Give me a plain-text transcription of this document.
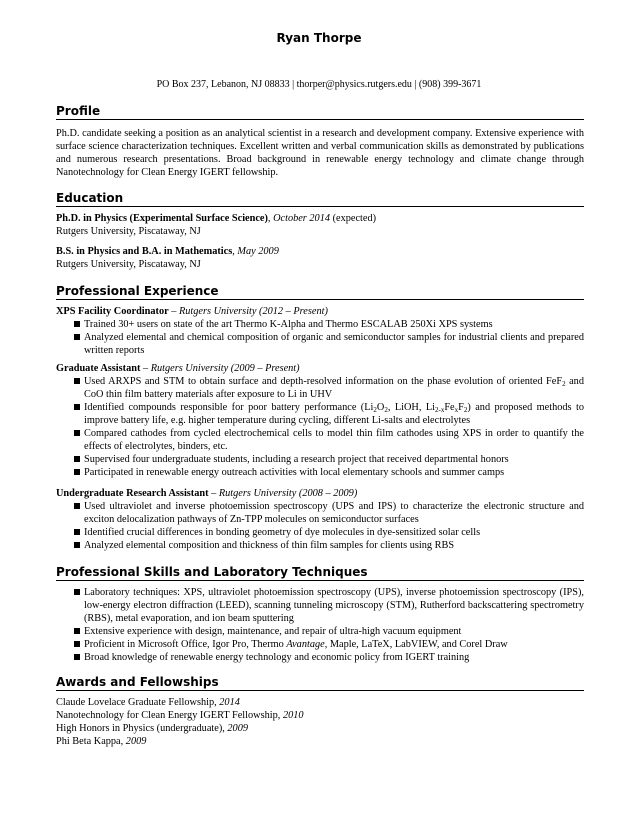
Ryan Thorpe
PO Box 237, Lebanon, NJ 08833 | thorper@physics.rutgers.edu | (908) 399-3671
Profile
Ph.D. candidate seeking a position as an analytical scientist in a research and development company. Extensive experience with surface science characterization techniques. Excellent written and verbal communication skills as demonstrated by publications and numerous research presentations. Broad background in renewable energy technology and climate change through Nanotechnology for Clean Energy IGERT fellowship.
Education
Ph.D. in Physics (Experimental Surface Science), October 2014 (expected)
Rutgers University, Piscataway, NJ
B.S. in Physics and B.A. in Mathematics, May 2009
Rutgers University, Piscataway, NJ
Professional Experience
XPS Facility Coordinator – Rutgers University (2012 – Present)
Trained 30+ users on state of the art Thermo K-Alpha and Thermo ESCALAB 250Xi XPS systems
Analyzed elemental and chemical composition of organic and semiconductor samples for industrial clients and prepared written reports
Graduate Assistant – Rutgers University (2009 – Present)
Used ARXPS and STM to obtain surface and depth-resolved information on the phase evolution of oriented FeF$_2$ and CoO thin film battery materials after exposure to Li in UHV
Identified compounds responsible for poor battery performance ($Li_2O_2$, LiOH, $Li_{2-x}Fe_xF_2$) and proposed methods to improve battery life, e.g. higher temperature during cycling, different Li-salts and electrolytes
Compared cathodes from cycled electrochemical cells to model thin film cathodes using XPS in order to quantify the effects of electrolytes, binders, etc.
Supervised four undergraduate students, including a research project that received departmental honors
Participated in renewable energy outreach activities with local elementary schools and summer camps
Undergraduate Research Assistant – Rutgers University (2008 – 2009)
Used ultraviolet and inverse photoemission spectroscopy (UPS and IPS) to characterize the electronic structure and exciton delocalization pathways of Zn-TPP molecules on semiconductor surfaces
Identified crucial differences in bonding geometry of dye molecules in dye-sensitized solar cells
Analyzed elemental composition and thickness of thin film samples for clients using RBS
Professional Skills and Laboratory Techniques
Laboratory techniques: XPS, ultraviolet photoemission spectroscopy (UPS), inverse photoemission spectroscopy (IPS), low-energy electron diffraction (LEED), scanning tunneling microscopy (STM), Rutherford backscattering spectrometry (RBS), metal evaporation, and ion beam sputtering
Extensive experience with design, maintenance, and repair of ultra-high vacuum equipment
Proficient in Microsoft Office, Igor Pro, Thermo Avantage, Maple, LaTeX, LabVIEW, and Corel Draw
Broad knowledge of renewable energy technology and economic policy from IGERT training
Awards and Fellowships
Claude Lovelace Graduate Fellowship, 2014
Nanotechnology for Clean Energy IGERT Fellowship, 2010
High Honors in Physics (undergraduate), 2009
Phi Beta Kappa, 2009
